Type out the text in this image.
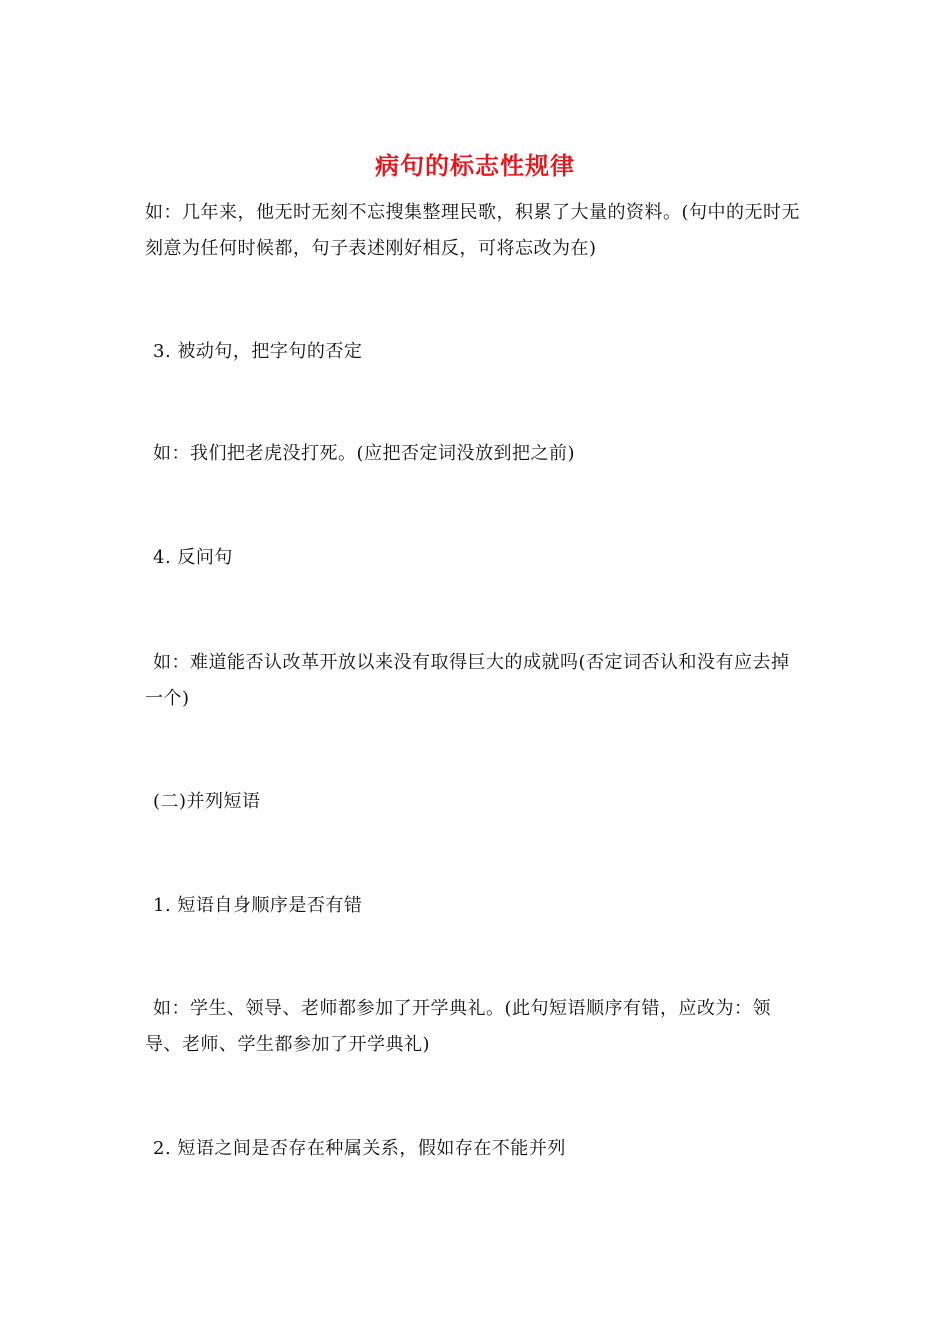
病句的标志性规律
如：几年来，他无时无刻不忘搜集整理民歌，积累了大量的资料。(句中的无时无刻意为任何时候都，句子表述刚好相反，可将忘改为在)
3. 被动句，把字句的否定
如：我们把老虎没打死。(应把否定词没放到把之前)
4. 反问句
如：难道能否认改革开放以来没有取得巨大的成就吗(否定词否认和没有应去掉一个)
(二)并列短语
1. 短语自身顺序是否有错
如：学生、领导、老师都参加了开学典礼。(此句短语顺序有错，应改为：领导、老师、学生都参加了开学典礼)
2. 短语之间是否存在种属关系，假如存在不能并列
